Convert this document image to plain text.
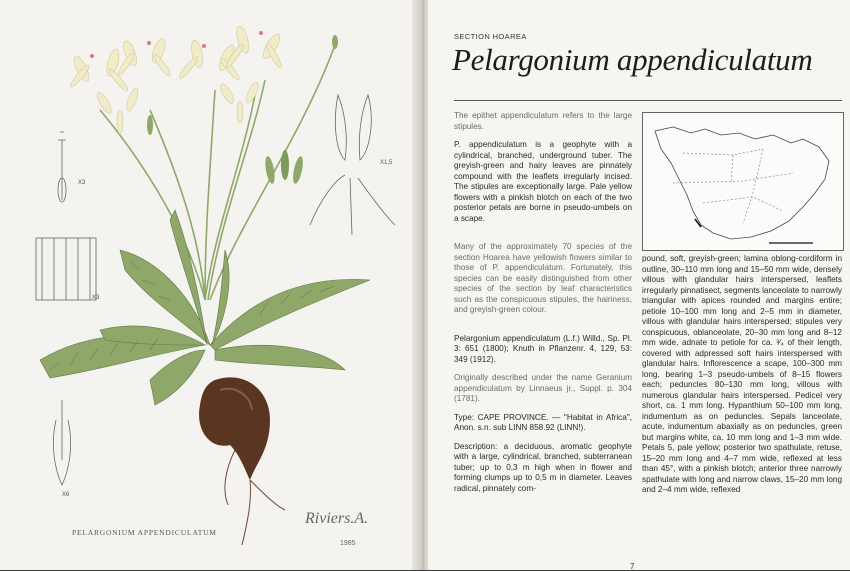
X3
X1,5
X3
X6
PELARGONIUM APPENDICULATUM
Riviers.A.
1985
SECTION HOAREA
Pelargonium appendiculatum

The epithet appendiculatum refers to the large stipules.

P. appendiculatum is a geophyte with a cylindrical, branched, underground tuber. The greyish-green and hairy leaves are pinnately compound with the leaflets irregularly incised. The stipules are exceptionally large. Pale yellow flowers with a pinkish blotch on each of the two posterior petals are borne in pseudo-umbels on a scape.

Many of the approximately 70 species of the section Hoarea have yellowish flowers similar to those of P. appendiculatum. Fortunately, this species can be easily distinguished from other species of the section by leaf characteristics such as the conspicuous stipules, the hairiness, and greyish-green colour.

Pelargonium appendiculatum (L.f.) Willd., Sp. Pl. 3: 651 (1800); Knuth in Pflanzenr. 4, 129, 53: 349 (1912).

Originally described under the name Geranium appendiculatum by Linnaeus jr., Suppl. p. 304 (1781).

Type: CAPE PROVINCE. — "Habitat in Africa", Anon. s.n. sub LINN 858.92 (LINN!).

Description: a deciduous, aromatic geophyte with a large, cylindrical, branched, subterranean tuber; up to 0,3 m high when in flower and forming clumps up to 0,5 m in diameter. Leaves radical, pinnately com-

pound, soft, greyish-green; lamina oblong-cordiform in outline, 30–110 mm long and 15–50 mm wide, densely villous with glandular hairs interspersed, leaflets irregularly pinnatisect, segments lanceolate to narrowly triangular with apices rounded and margins entire; petiole 10–100 mm long and 2–5 mm in diameter, villous with glandular hairs interspersed; stipules very conspicuous, oblanceolate, 20–30 mm long and 8–12 mm wide, adnate to petiole for ca. ³⁄₄ of their length, covered with adpressed soft hairs interspersed with glandular hairs. Inflorescence a scape, 100–300 mm long, bearing 1–3 pseudo-umbels of 8–15 flowers each; peduncles 80–130 mm long, villous with numerous glandular hairs interspersed. Pedicel very short, ca. 1 mm long. Hypanthium 50–100 mm long, indumentum as on peduncles. Sepals lanceolate, acute, indumentum abaxially as on peduncles, green but margins white, ca. 10 mm long and 1–3 mm wide. Petals 5, pale yellow; posterior two spathulate, retuse, 15–20 mm long and 4–7 mm wide, reflexed at less than 45°, with a pinkish blotch; anterior three narrowly spathulate with long and narrow claws, 15–20 mm long and 2–4 mm wide, reflexed
7
